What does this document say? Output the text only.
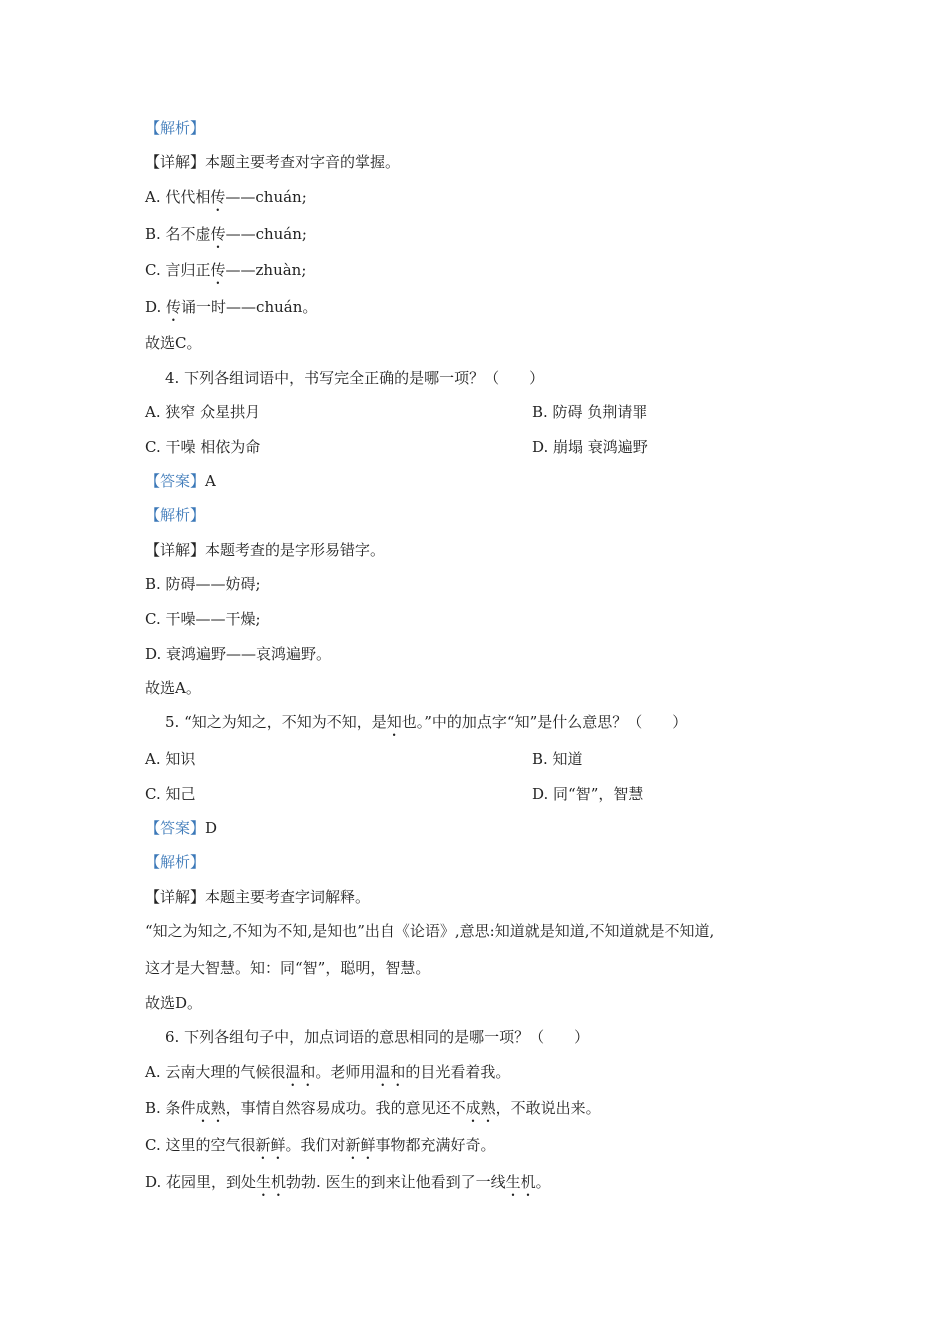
【解析】
【详解】本题主要考查对字音的掌握。
A. 代代相传——chuán;
B. 名不虚传——chuán;
C. 言归正传——zhuàn;
D. 传诵一时——chuán。
故选C。
4. 下列各组词语中，书写完全正确的是哪一项？（　　）
A. 狭窄 众星拱月	B. 防碍 负荆请罪
C. 干噪 相依为命	D. 崩塌 衰鸿遍野
【答案】A
【解析】
【详解】本题考查的是字形易错字。
B. 防碍——妨碍;
C. 干噪——干燥;
D. 衰鸿遍野——哀鸿遍野。
故选A。
5. “知之为知之，不知为不知，是知也。”中的加点字“知”是什么意思？（　　）
A. 知识	B. 知道
C. 知己	D. 同“智”，智慧
【答案】D
【解析】
【详解】本题主要考查字词解释。
“知之为知之,不知为不知,是知也”出自《论语》,意思:知道就是知道,不知道就是不知道,
这才是大智慧。知：同“智”，聪明，智慧。
故选D。
6. 下列各组句子中，加点词语的意思相同的是哪一项？（　　）
A. 云南大理的气候很温和。老师用温和的目光看着我。
B. 条件成熟，事情自然容易成功。我的意见还不成熟，不敢说出来。
C. 这里的空气很新鲜。我们对新鲜事物都充满好奇。
D. 花园里，到处生机勃勃. 医生的到来让他看到了一线生机。
